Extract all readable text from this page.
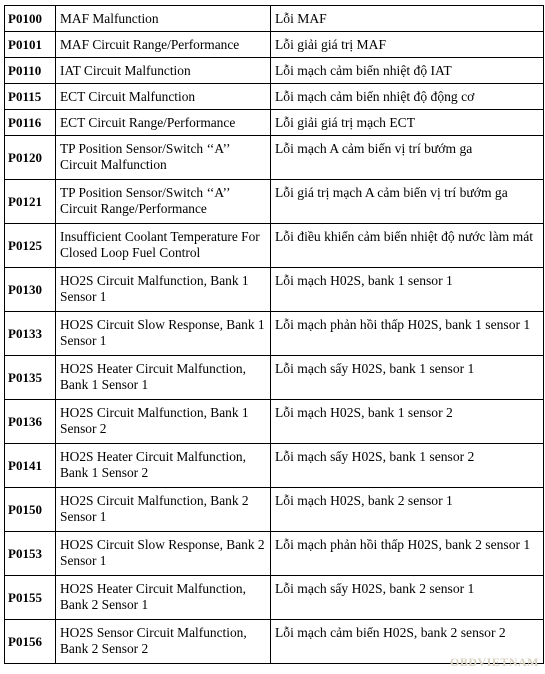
P0100	MAF Malfunction	Lỗi MAF
P0101	MAF Circuit Range/Performance	Lỗi giải giá trị MAF
P0110	IAT Circuit Malfunction	Lỗi mạch cảm biến nhiệt độ IAT
P0115	ECT Circuit Malfunction	Lỗi mạch cảm biến nhiệt độ động cơ
P0116	ECT Circuit Range/Performance	Lỗi giải giá trị mạch ECT
P0120	TP Position Sensor/Switch ‘‘A’’ Circuit Malfunction	Lỗi mạch A cảm biến vị trí bướm ga
P0121	TP Position Sensor/Switch ‘‘A’’ Circuit Range/Performance	Lỗi giá trị mạch A cảm biến vị trí bướm ga
P0125	Insufficient Coolant Temperature For Closed Loop Fuel Control	Lỗi điều khiển cảm biến nhiệt độ nước làm mát
P0130	HO2S Circuit Malfunction, Bank 1 Sensor 1	Lỗi mạch H02S, bank 1 sensor 1
P0133	HO2S Circuit Slow Response, Bank 1 Sensor 1	Lỗi mạch phản hồi thấp H02S, bank 1 sensor 1
P0135	HO2S Heater Circuit Malfunction, Bank 1 Sensor 1	Lỗi mạch sấy H02S, bank 1 sensor 1
P0136	HO2S Circuit Malfunction, Bank 1 Sensor 2	Lỗi mạch H02S, bank 1 sensor 2
P0141	HO2S Heater Circuit Malfunction, Bank 1 Sensor 2	Lỗi mạch sấy H02S, bank 1 sensor 2
P0150	HO2S Circuit Malfunction, Bank 2 Sensor 1	Lỗi mạch H02S, bank 2 sensor 1
P0153	HO2S Circuit Slow Response, Bank 2 Sensor 1	Lỗi mạch phản hồi thấp H02S, bank 2 sensor 1
P0155	HO2S Heater Circuit Malfunction, Bank 2 Sensor 1	Lỗi mạch sấy H02S, bank 2 sensor 1
P0156	HO2S Sensor Circuit Malfunction, Bank 2 Sensor 2	Lỗi mạch cảm biến H02S, bank 2 sensor 2
OBDVIETNAM
